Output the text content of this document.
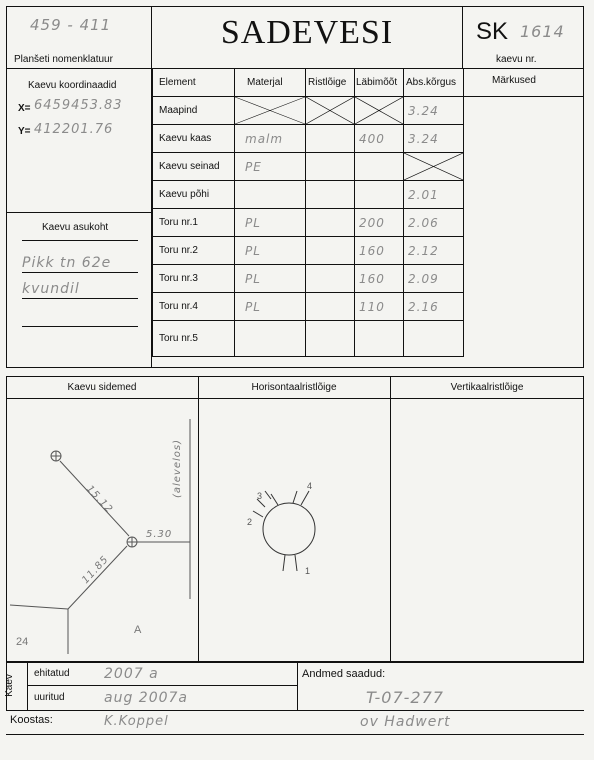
459 - 411
Planšeti nomenklatuur
SADEVESI	SK 1614
kaevu nr.
Kaevu koordinaadid
X= 6459453.83
Y= 412201.76
Kaevu asukoht
Pikk tn 62e
kvundil
Element	Materjal	Ristlõige	Läbimõõt	Abs.kõrgus	Märkused
Maapind				3.24	
Kaevu kaas	malm		400	3.24	
Kaevu seinad	PE			

Kaevu põhi				2.01	
Toru nr.1	PL		200	2.06	
Toru nr.2	PL		160	2.12	
Toru nr.3	PL		160	2.09	
Toru nr.4	PL		110	2.16	
Toru nr.5					
Kaevu sidemed	Horisontaalristlõige	Vertikaalristlõige
15.12
5.30
11.85
(alevelos)
24
A
2
3
4
1
Kaev
ehitatud 2007 a
uuritud	aug 2007a
Andmed saadud:
T-07-277
Koostas:	K.Koppel	ov Hadwert
